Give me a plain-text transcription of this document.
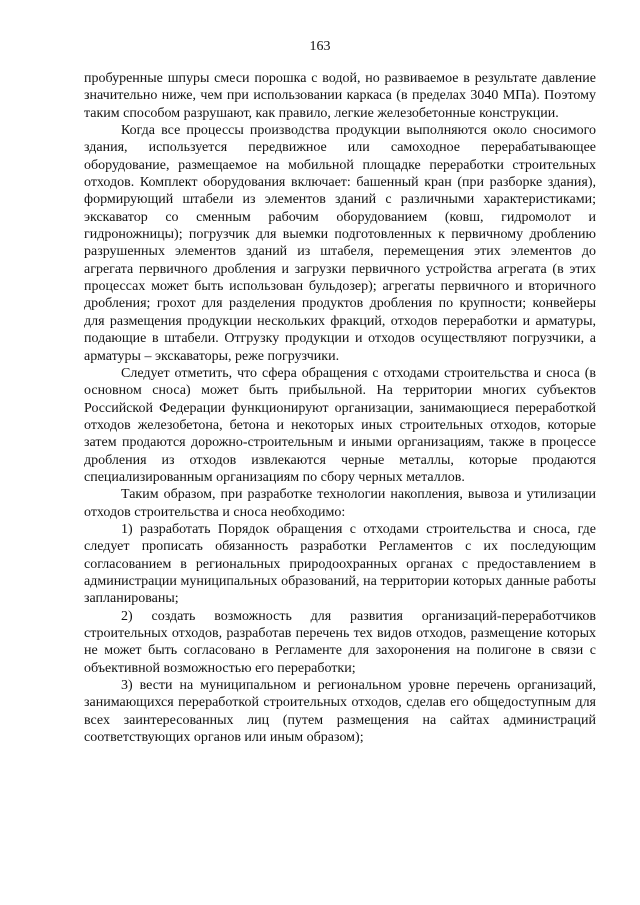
163

пробуренные шпуры смеси порошка с водой, но развиваемое в результате давление значительно ниже, чем при использовании каркаса (в пределах 3040 МПа). Поэтому таким способом разрушают, как правило, легкие железобетонные конструкции.

Когда все процессы производства продукции выполняются около сносимого здания, используется передвижное или самоходное перерабатывающее оборудование, размещаемое на мобильной площадке переработки строительных отходов. Комплект оборудования включает: башенный кран (при разборке здания), формирующий штабели из элементов зданий с различными характеристиками; экскаватор со сменным рабочим оборудованием (ковш, гидромолот и гидроножницы); погрузчик для выемки подготовленных к первичному дроблению разрушенных элементов зданий из штабеля, перемещения этих элементов до агрегата первичного дробления и загрузки первичного устройства агрегата (в этих процессах может быть использован бульдозер); агрегаты первичного и вторичного дробления; грохот для разделения продуктов дробления по крупности; конвейеры для размещения продукции нескольких фракций, отходов переработки и арматуры, подающие в штабели. Отгрузку продукции и отходов осуществляют погрузчики, а арматуры – экскаваторы, реже погрузчики.

Следует отметить, что сфера обращения с отходами строительства и сноса (в основном сноса) может быть прибыльной. На территории многих субъектов Российской Федерации функционируют организации, занимающиеся переработкой отходов железобетона, бетона и некоторых иных строительных отходов, которые затем продаются дорожно-строительным и иными организациям, также в процессе дробления из отходов извлекаются черные металлы, которые продаются специализированным организациям по сбору черных металлов.

Таким образом, при разработке технологии накопления, вывоза и утилизации отходов строительства и сноса необходимо:

1) разработать Порядок обращения с отходами строительства и сноса, где следует прописать обязанность разработки Регламентов с их последующим согласованием в региональных природоохранных органах с предоставлением в администрации муниципальных образований, на территории которых данные работы запланированы;

2) создать возможность для развития организаций-переработчиков строительных отходов, разработав перечень тех видов отходов, размещение которых не может быть согласовано в Регламенте для захоронения на полигоне в связи с объективной возможностью его переработки;

3) вести на муниципальном и региональном уровне перечень организаций, занимающихся переработкой строительных отходов, сделав его общедоступным для всех заинтересованных лиц (путем размещения на сайтах администраций соответствующих органов или иным образом);
